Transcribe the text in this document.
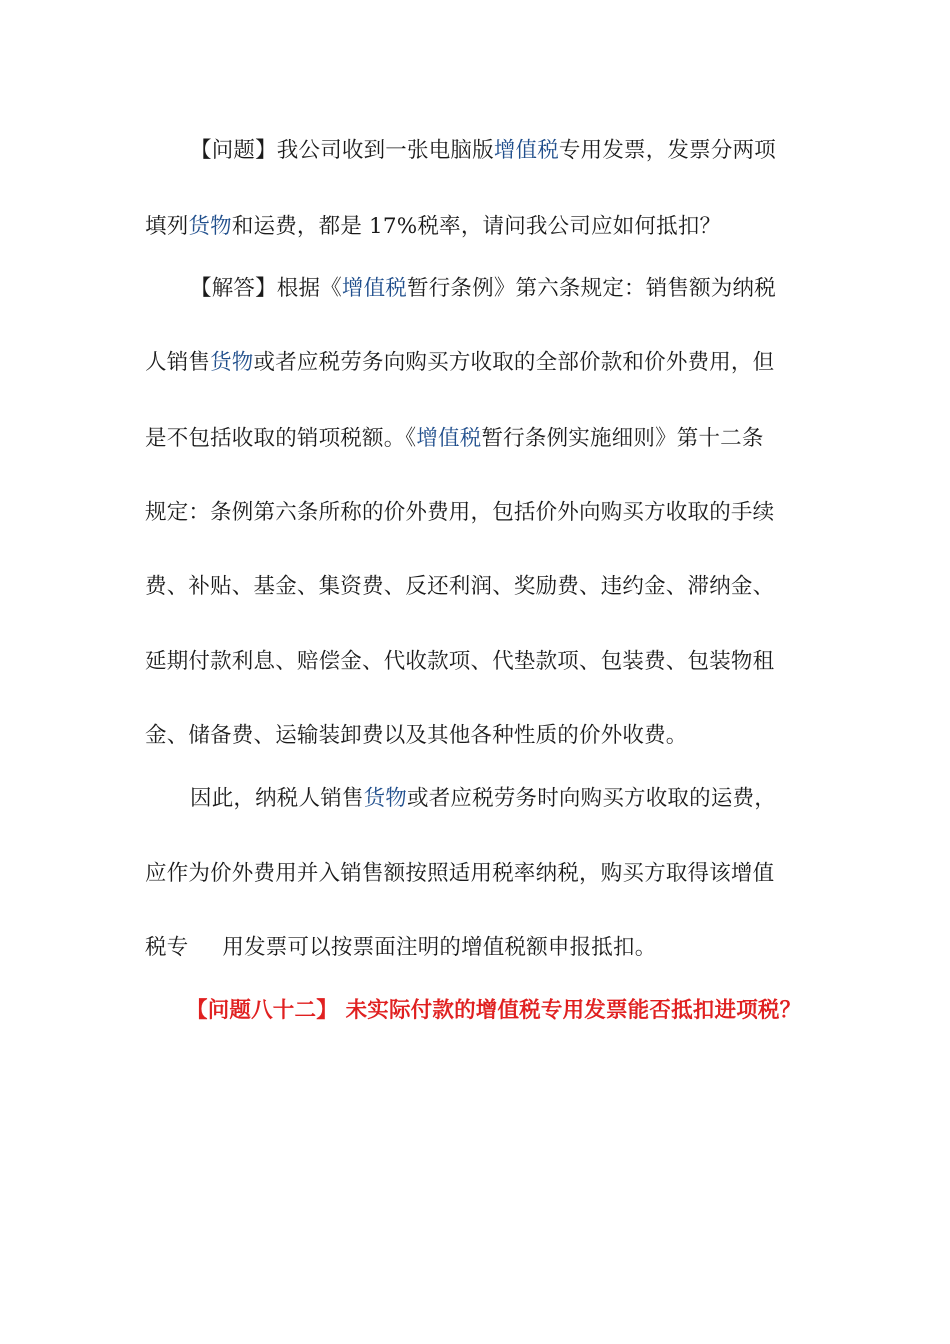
【问题】我公司收到一张电脑版增值税专用发票，发票分两项
填列货物和运费，都是 17%税率，请问我公司应如何抵扣？
【解答】根据《增值税暂行条例》第六条规定：销售额为纳税
人销售货物或者应税劳务向购买方收取的全部价款和价外费用，但
是不包括收取的销项税额。《增值税暂行条例实施细则》第十二条
规定：条例第六条所称的价外费用，包括价外向购买方收取的手续
费、补贴、基金、集资费、反还利润、奖励费、违约金、滞纳金、
延期付款利息、赔偿金、代收款项、代垫款项、包装费、包装物租
金、储备费、运输装卸费以及其他各种性质的价外收费。
因此，纳税人销售货物或者应税劳务时向购买方收取的运费，
应作为价外费用并入销售额按照适用税率纳税，购买方取得该增值
税专 用发票可以按票面注明的增值税额申报抵扣。
【问题八十二】 未实际付款的增值税专用发票能否抵扣进项税？
